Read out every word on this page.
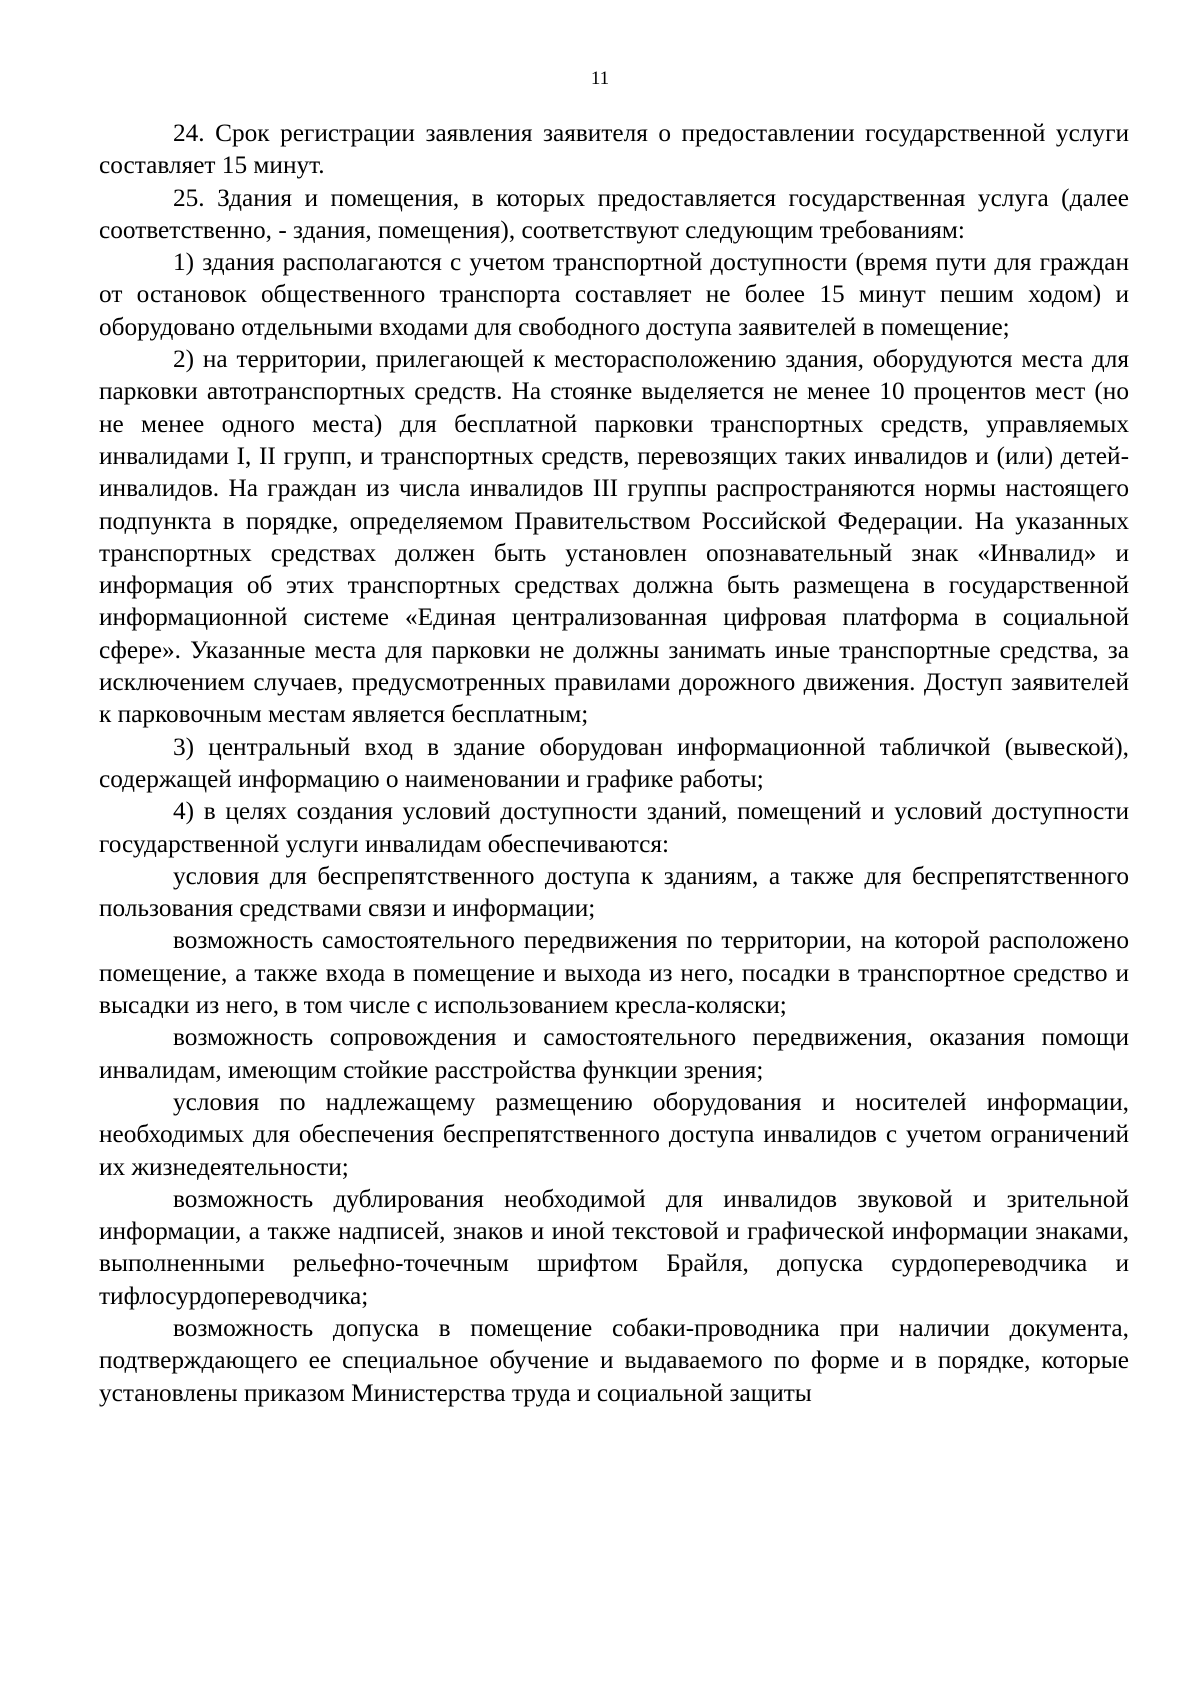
11

24. Срок регистрации заявления заявителя о предоставлении государственной услуги составляет 15 минут.

25. Здания и помещения, в которых предоставляется государственная услуга (далее соответственно, - здания, помещения), соответствуют следующим требованиям:

1) здания располагаются с учетом транспортной доступности (время пути для граждан от остановок общественного транспорта составляет не более 15 минут пешим ходом) и оборудовано отдельными входами для свободного доступа заявителей в помещение;

2) на территории, прилегающей к месторасположению здания, оборудуются места для парковки автотранспортных средств. На стоянке выделяется не менее 10 процентов мест (но не менее одного места) для бесплатной парковки транспортных средств, управляемых инвалидами I, II групп, и транспортных средств, перевозящих таких инвалидов и (или) детей-инвалидов. На граждан из числа инвалидов III группы распространяются нормы настоящего подпункта в порядке, определяемом Правительством Российской Федерации. На указанных транспортных средствах должен быть установлен опознавательный знак «Инвалид» и информация об этих транспортных средствах должна быть размещена в государственной информационной системе «Единая централизованная цифровая платформа в социальной сфере». Указанные места для парковки не должны занимать иные транспортные средства, за исключением случаев, предусмотренных правилами дорожного движения. Доступ заявителей к парковочным местам является бесплатным;

3) центральный вход в здание оборудован информационной табличкой (вывеской), содержащей информацию о наименовании и графике работы;

4) в целях создания условий доступности зданий, помещений и условий доступности государственной услуги инвалидам обеспечиваются:

условия для беспрепятственного доступа к зданиям, а также для беспрепятственного пользования средствами связи и информации;

возможность самостоятельного передвижения по территории, на которой расположено помещение, а также входа в помещение и выхода из него, посадки в транспортное средство и высадки из него, в том числе с использованием кресла-коляски;

возможность сопровождения и самостоятельного передвижения, оказания помощи инвалидам, имеющим стойкие расстройства функции зрения;

условия по надлежащему размещению оборудования и носителей информации, необходимых для обеспечения беспрепятственного доступа инвалидов с учетом ограничений их жизнедеятельности;

возможность дублирования необходимой для инвалидов звуковой и зрительной информации, а также надписей, знаков и иной текстовой и графической информации знаками, выполненными рельефно-точечным шрифтом Брайля, допуска сурдопереводчика и тифлосурдопереводчика;

возможность допуска в помещение собаки-проводника при наличии документа, подтверждающего ее специальное обучение и выдаваемого по форме и в порядке, которые установлены приказом Министерства труда и социальной защиты
